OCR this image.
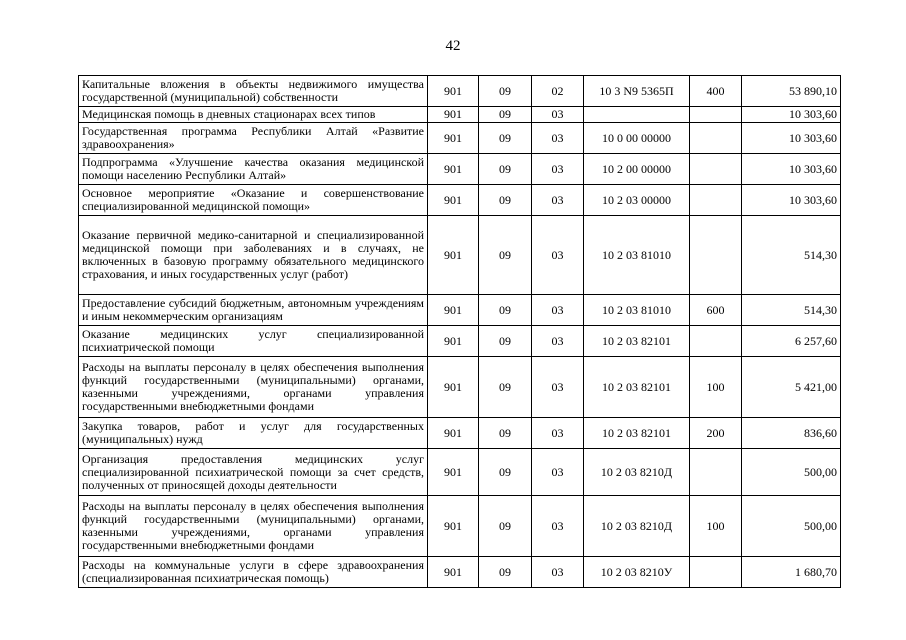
42
Капитальные вложения в объекты недвижимого имущества государственной (муниципальной) собственности	901	09	02	10 3 N9 5365П	400	53 890,10
Медицинская помощь в дневных стационарах всех типов	901	09	03			10 303,60
Государственная программа Республики Алтай «Развитие здравоохранения»	901	09	03	10 0 00 00000		10 303,60
Подпрограмма «Улучшение качества оказания медицинской помощи населению Республики Алтай»	901	09	03	10 2 00 00000		10 303,60
Основное мероприятие «Оказание и совершенствование специализированной медицинской помощи»	901	09	03	10 2 03 00000		10 303,60
Оказание первичной медико-санитарной и специализированной медицинской помощи при заболеваниях и в случаях, не включенных в базовую программу обязательного медицинского страхования, и иных государственных услуг (работ)	901	09	03	10 2 03 81010		514,30
Предоставление субсидий бюджетным, автономным учреждениям и иным некоммерческим организациям	901	09	03	10 2 03 81010	600	514,30
Оказание медицинских услуг специализированной психиатрической помощи	901	09	03	10 2 03 82101		6 257,60
Расходы на выплаты персоналу в целях обеспечения выполнения функций государственными (муниципальными) органами, казенными учреждениями, органами управления государственными внебюджетными фондами	901	09	03	10 2 03 82101	100	5 421,00
Закупка товаров, работ и услуг для государственных (муниципальных) нужд	901	09	03	10 2 03 82101	200	836,60
Организация предоставления медицинских услуг специализированной психиатрической помощи за счет средств, полученных от приносящей доходы деятельности	901	09	03	10 2 03 8210Д		500,00
Расходы на выплаты персоналу в целях обеспечения выполнения функций государственными (муниципальными) органами, казенными учреждениями, органами управления государственными внебюджетными фондами	901	09	03	10 2 03 8210Д	100	500,00
Расходы на коммунальные услуги в сфере здравоохранения (специализированная психиатрическая помощь)	901	09	03	10 2 03 8210У		1 680,70
